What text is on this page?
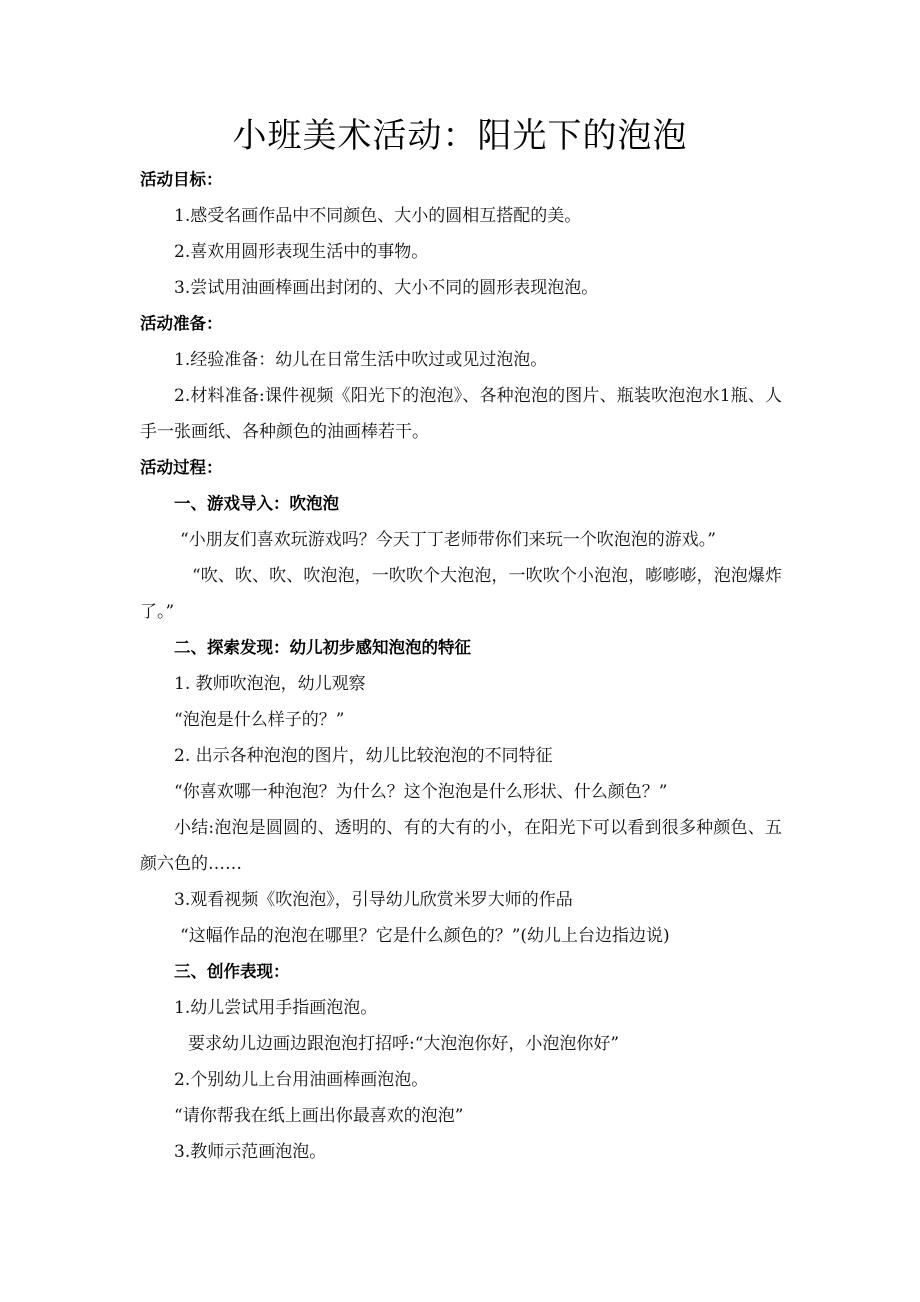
小班美术活动：阳光下的泡泡

活动目标：

1.感受名画作品中不同颜色、大小的圆相互搭配的美。

2.喜欢用圆形表现生活中的事物。

3.尝试用油画棒画出封闭的、大小不同的圆形表现泡泡。

活动准备：

1.经验准备：幼儿在日常生活中吹过或见过泡泡。

2.材料准备:课件视频《阳光下的泡泡》、各种泡泡的图片、瓶装吹泡泡水1瓶、人手一张画纸、各种颜色的油画棒若干。

活动过程：

一、游戏导入：吹泡泡

“小朋友们喜欢玩游戏吗？今天丁丁老师带你们来玩一个吹泡泡的游戏。”

“吹、吹、吹、吹泡泡，一吹吹个大泡泡，一吹吹个小泡泡，嘭嘭嘭，泡泡爆炸了。”

二、探索发现：幼儿初步感知泡泡的特征

1. 教师吹泡泡，幼儿观察

“泡泡是什么样子的？”

2. 出示各种泡泡的图片，幼儿比较泡泡的不同特征

“你喜欢哪一种泡泡？为什么？这个泡泡是什么形状、什么颜色？”

小结:泡泡是圆圆的、透明的、有的大有的小，在阳光下可以看到很多种颜色、五颜六色的……

3.观看视频《吹泡泡》，引导幼儿欣赏米罗大师的作品

“这幅作品的泡泡在哪里？它是什么颜色的？”(幼儿上台边指边说)

三、创作表现：

1.幼儿尝试用手指画泡泡。

要求幼儿边画边跟泡泡打招呼:“大泡泡你好，小泡泡你好”

2.个别幼儿上台用油画棒画泡泡。

“请你帮我在纸上画出你最喜欢的泡泡”

3.教师示范画泡泡。
